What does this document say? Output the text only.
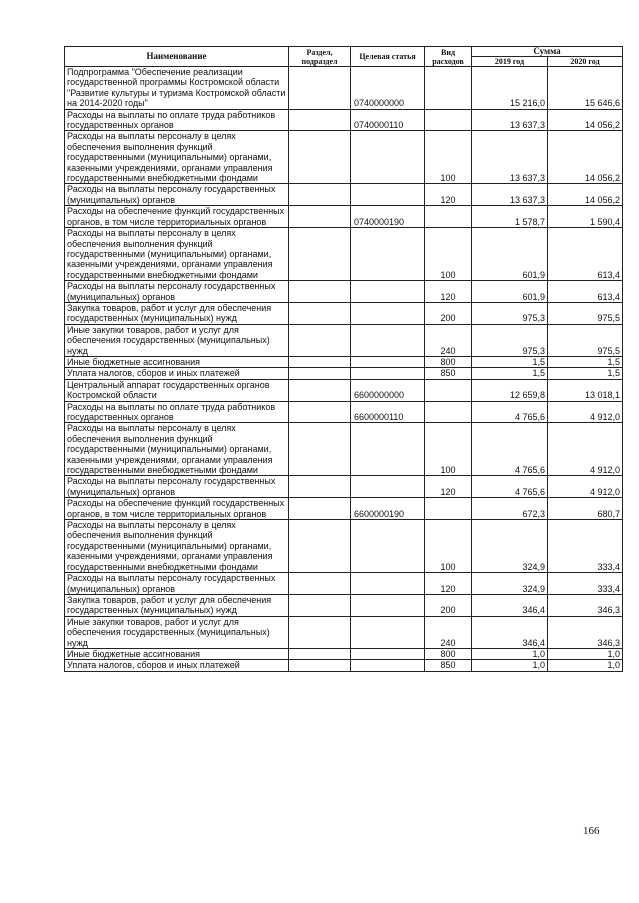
Наименование	Раздел, подраздел	Целевая статья	Вид расходов	Сумма	
				2019 год	2020 год
Подпрограмма "Обеспечение реализации государственной программы Костромской области "Развитие культуры и туризма Костромской области на 2014-2020 годы"		0740000000		15 216,0	15 646,6
Расходы на выплаты по оплате труда работников государственных органов		0740000110		13 637,3	14 056,2
Расходы на выплаты персоналу в целях обеспечения выполнения функций государственными (муниципальными) органами, казенными учреждениями, органами управления государственными внебюджетными фондами			100	13 637,3	14 056,2
Расходы на выплаты персоналу государственных (муниципальных) органов			120	13 637,3	14 056,2
Расходы на обеспечение функций государственных органов, в том числе территориальных органов		0740000190		1 578,7	1 590,4
Расходы на выплаты персоналу в целях обеспечения выполнения функций государственными (муниципальными) органами, казенными учреждениями, органами управления государственными внебюджетными фондами			100	601,9	613,4
Расходы на выплаты персоналу государственных (муниципальных) органов			120	601,9	613,4
Закупка товаров, работ и услуг для обеспечения государственных (муниципальных) нужд			200	975,3	975,5
Иные закупки товаров, работ и услуг для обеспечения государственных (муниципальных) нужд			240	975,3	975,5
Иные бюджетные ассигнования			800	1,5	1,5
Уплата налогов, сборов и иных платежей			850	1,5	1,5
Центральный аппарат государственных органов Костромской области		6600000000		12 659,8	13 018,1
Расходы на выплаты по оплате труда работников государственных органов		6600000110		4 765,6	4 912,0
Расходы на выплаты персоналу в целях обеспечения выполнения функций государственными (муниципальными) органами, казенными учреждениями, органами управления государственными внебюджетными фондами			100	4 765,6	4 912,0
Расходы на выплаты персоналу государственных (муниципальных) органов			120	4 765,6	4 912,0
Расходы на обеспечение функций государственных органов, в том числе территориальных органов		6600000190		672,3	680,7
Расходы на выплаты персоналу в целях обеспечения выполнения функций государственными (муниципальными) органами, казенными учреждениями, органами управления государственными внебюджетными фондами			100	324,9	333,4
Расходы на выплаты персоналу государственных (муниципальных) органов			120	324,9	333,4
Закупка товаров, работ и услуг для обеспечения государственных (муниципальных) нужд			200	346,4	346,3
Иные закупки товаров, работ и услуг для обеспечения государственных (муниципальных) нужд			240	346,4	346,3
Иные бюджетные ассигнования			800	1,0	1,0
Уплата налогов, сборов и иных платежей			850	1,0	1,0
166
